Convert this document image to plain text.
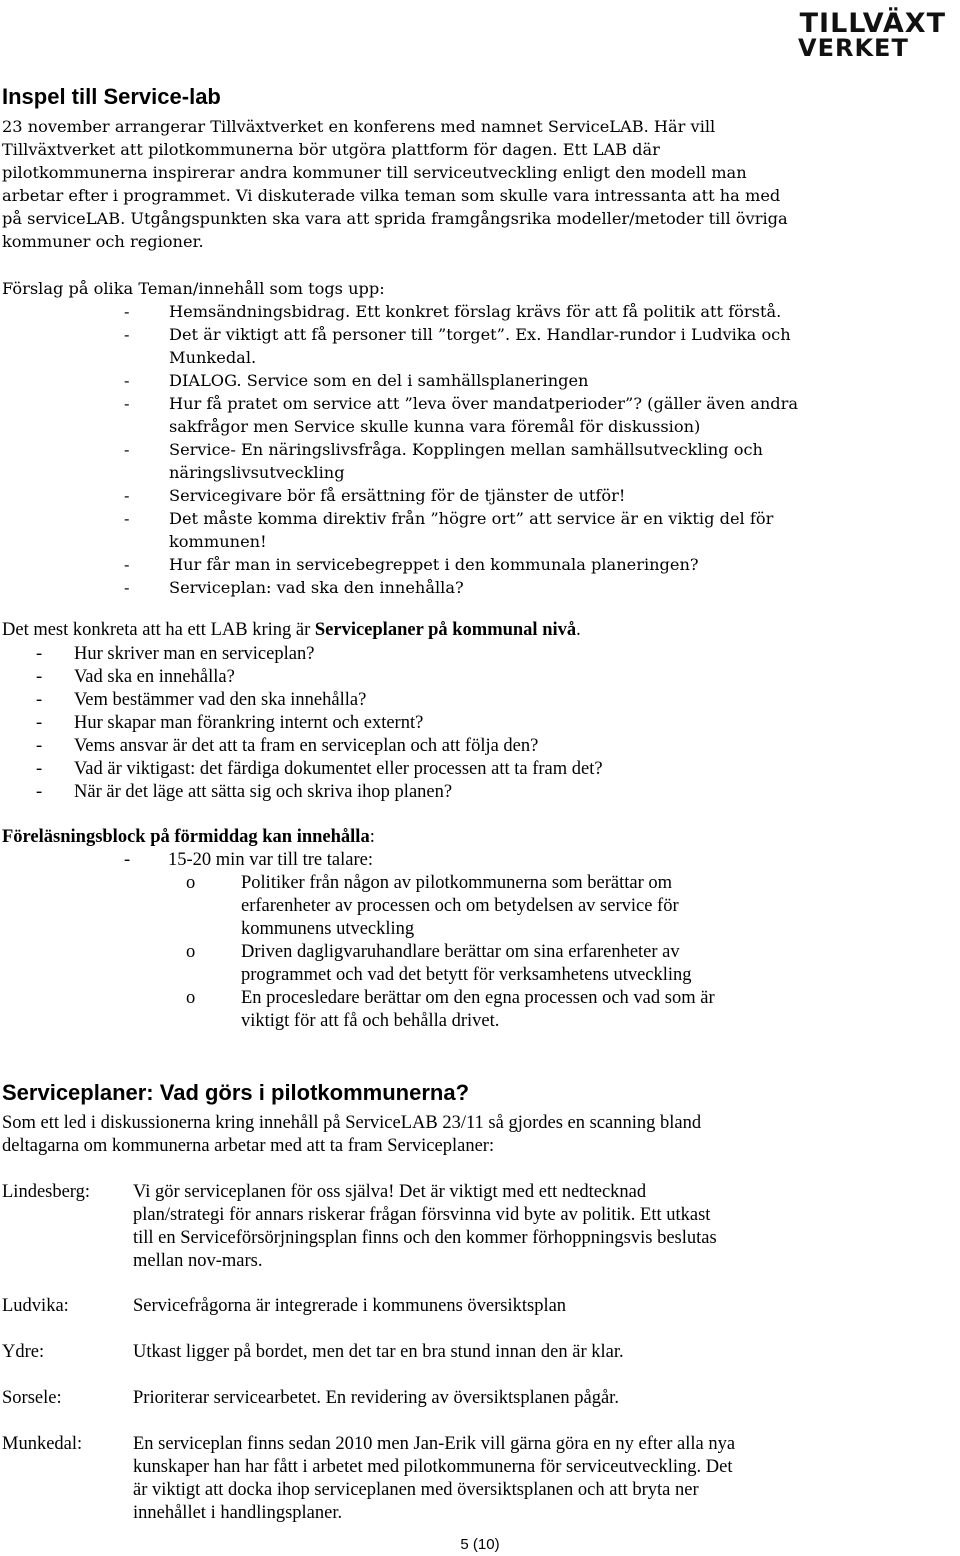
TILLVÄXT
VERKET
Inspel till Service-lab
23 november arrangerar Tillväxtverket en konferens med namnet ServiceLAB. Här vill
Tillväxtverket att pilotkommunerna bör utgöra plattform för dagen. Ett LAB där
pilotkommunerna inspirerar andra kommuner till serviceutveckling enligt den modell man
arbetar efter i programmet. Vi diskuterade vilka teman som skulle vara intressanta att ha med
på serviceLAB. Utgångspunkten ska vara att sprida framgångsrika modeller/metoder till övriga
kommuner och regioner.
Förslag på olika Teman/innehåll som togs upp:
-	Hemsändningsbidrag. Ett konkret förslag krävs för att få politik att förstå.
-	Det är viktigt att få personer till ”torget”. Ex. Handlar-rundor i Ludvika och
Munkedal.
-	DIALOG. Service som en del i samhällsplaneringen
-	Hur få pratet om service att ”leva över mandatperioder”? (gäller även andra
sakfrågor men Service skulle kunna vara föremål för diskussion)
-	Service- En näringslivsfråga. Kopplingen mellan samhällsutveckling och
näringslivsutveckling
-	Servicegivare bör få ersättning för de tjänster de utför!
-	Det måste komma direktiv från ”högre ort” att service är en viktig del för
kommunen!
-	Hur får man in servicebegreppet i den kommunala planeringen?
-	Serviceplan: vad ska den innehålla?
Det mest konkreta att ha ett LAB kring är Serviceplaner på kommunal nivå.
-	Hur skriver man en serviceplan?
-	Vad ska en innehålla?
-	Vem bestämmer vad den ska innehålla?
-	Hur skapar man förankring internt och externt?
-	Vems ansvar är det att ta fram en serviceplan och att följa den?
-	Vad är viktigast: det färdiga dokumentet eller processen att ta fram det?
-	När är det läge att sätta sig och skriva ihop planen?
Föreläsningsblock på förmiddag kan innehålla:
- 15-20 min var till tre talare:
o Politiker från någon av pilotkommunerna som berättar om
erfarenheter av processen och om betydelsen av service för
kommunens utveckling
o Driven dagligvaruhandlare berättar om sina erfarenheter av
programmet och vad det betytt för verksamhetens utveckling
o En procesledare berättar om den egna processen och vad som är
viktigt för att få och behålla drivet.
Serviceplaner: Vad görs i pilotkommunerna?
Som ett led i diskussionerna kring innehåll på ServiceLAB 23/11 så gjordes en scanning bland
deltagarna om kommunerna arbetar med att ta fram Serviceplaner:
Lindesberg: Vi gör serviceplanen för oss själva! Det är viktigt med ett nedtecknad
plan/strategi för annars riskerar frågan försvinna vid byte av politik. Ett utkast
till en Serviceförsörjningsplan finns och den kommer förhoppningsvis beslutas
mellan nov-mars.
Ludvika:	Servicefrågorna är integrerade i kommunens översiktsplan
Ydre:	Utkast ligger på bordet, men det tar en bra stund innan den är klar.
Sorsele:	Prioriterar servicearbetet. En revidering av översiktsplanen pågår.
Munkedal:	En serviceplan finns sedan 2010 men Jan-Erik vill gärna göra en ny efter alla nya
kunskaper han har fått i arbetet med pilotkommunerna för serviceutveckling. Det
är viktigt att docka ihop serviceplanen med översiktsplanen och att bryta ner
innehållet i handlingsplaner.
5 (10)
